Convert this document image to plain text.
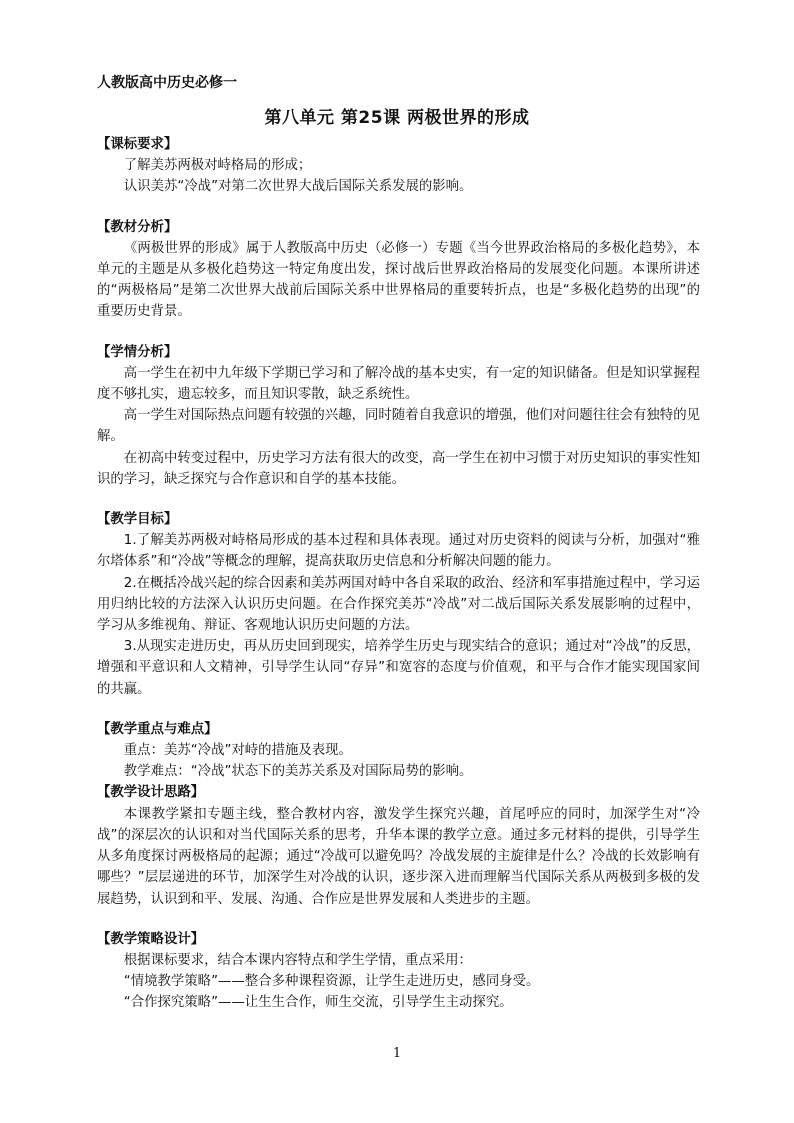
人教版高中历史必修一
第八单元 第25课 两极世界的形成
【课标要求】

了解美苏两极对峙格局的形成；

认识美苏“冷战”对第二次世界大战后国际关系发展的影响。

【教材分析】

《两极世界的形成》属于人教版高中历史（必修一）专题《当今世界政治格局的多极化趋势》，本单元的主题是从多极化趋势这一特定角度出发，探讨战后世界政治格局的发展变化问题。本课所讲述的“两极格局”是第二次世界大战前后国际关系中世界格局的重要转折点，也是“多极化趋势的出现”的重要历史背景。

【学情分析】

高一学生在初中九年级下学期已学习和了解冷战的基本史实，有一定的知识储备。但是知识掌握程度不够扎实，遗忘较多，而且知识零散，缺乏系统性。

高一学生对国际热点问题有较强的兴趣，同时随着自我意识的增强，他们对问题往往会有独特的见解。

在初高中转变过程中，历史学习方法有很大的改变，高一学生在初中习惯于对历史知识的事实性知识的学习，缺乏探究与合作意识和自学的基本技能。

【教学目标】

1.了解美苏两极对峙格局形成的基本过程和具体表现。通过对历史资料的阅读与分析，加强对“雅尔塔体系”和“冷战”等概念的理解，提高获取历史信息和分析解决问题的能力。

2.在概括冷战兴起的综合因素和美苏两国对峙中各自采取的政治、经济和军事措施过程中，学习运用归纳比较的方法深入认识历史问题。在合作探究美苏“冷战”对二战后国际关系发展影响的过程中，学习从多维视角、辩证、客观地认识历史问题的方法。

3.从现实走进历史，再从历史回到现实，培养学生历史与现实结合的意识；通过对“冷战”的反思，增强和平意识和人文精神，引导学生认同“存异”和宽容的态度与价值观，和平与合作才能实现国家间的共赢。

【教学重点与难点】

重点：美苏“冷战”对峙的措施及表现。

教学难点：“冷战”状态下的美苏关系及对国际局势的影响。

【教学设计思路】

本课教学紧扣专题主线，整合教材内容，激发学生探究兴趣，首尾呼应的同时，加深学生对“冷战”的深层次的认识和对当代国际关系的思考，升华本课的教学立意。通过多元材料的提供，引导学生从多角度探讨两极格局的起源；通过“冷战可以避免吗？冷战发展的主旋律是什么？冷战的长效影响有哪些？”层层递进的环节，加深学生对冷战的认识，逐步深入进而理解当代国际关系从两极到多极的发展趋势，认识到和平、发展、沟通、合作应是世界发展和人类进步的主题。

【教学策略设计】

根据课标要求，结合本课内容特点和学生学情，重点采用：

“情境教学策略”——整合多种课程资源，让学生走进历史，感同身受。

“合作探究策略”——让生生合作，师生交流，引导学生主动探究。

1
